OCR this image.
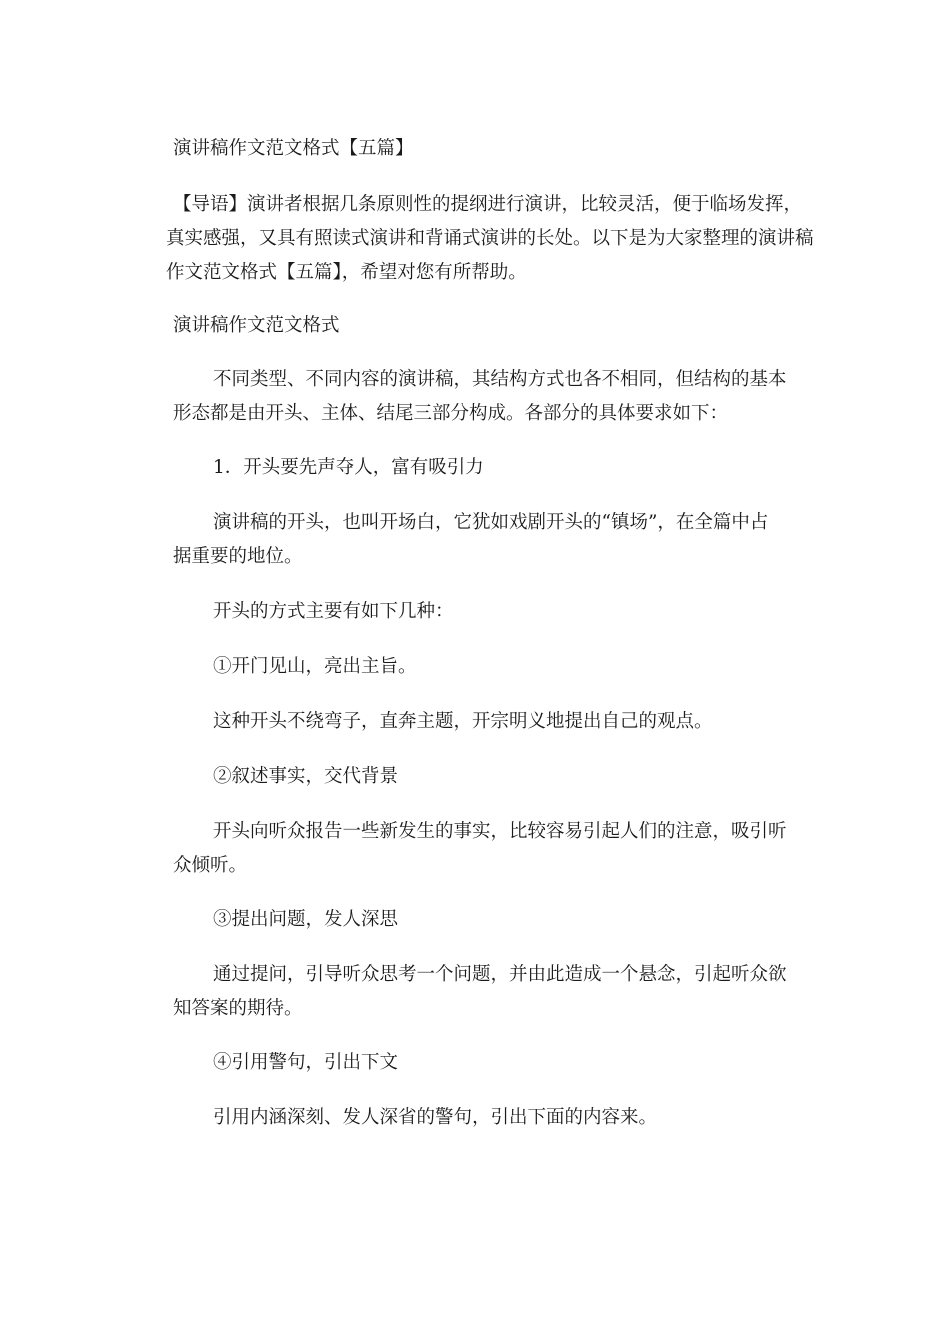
演讲稿作文范文格式【五篇】

【导语】演讲者根据几条原则性的提纲进行演讲，比较灵活，便于临场发挥，
真实感强，又具有照读式演讲和背诵式演讲的长处。以下是为大家整理的演讲稿
作文范文格式【五篇】，希望对您有所帮助。

演讲稿作文范文格式

不同类型、不同内容的演讲稿，其结构方式也各不相同，但结构的基本
形态都是由开头、主体、结尾三部分构成。各部分的具体要求如下：

1．开头要先声夺人，富有吸引力

演讲稿的开头，也叫开场白，它犹如戏剧开头的“镇场”，在全篇中占
据重要的地位。

开头的方式主要有如下几种：

①开门见山，亮出主旨。

这种开头不绕弯子，直奔主题，开宗明义地提出自己的观点。

②叙述事实，交代背景

开头向听众报告一些新发生的事实，比较容易引起人们的注意，吸引听
众倾听。

③提出问题，发人深思

通过提问，引导听众思考一个问题，并由此造成一个悬念，引起听众欲
知答案的期待。

④引用警句，引出下文

引用内涵深刻、发人深省的警句，引出下面的内容来。
